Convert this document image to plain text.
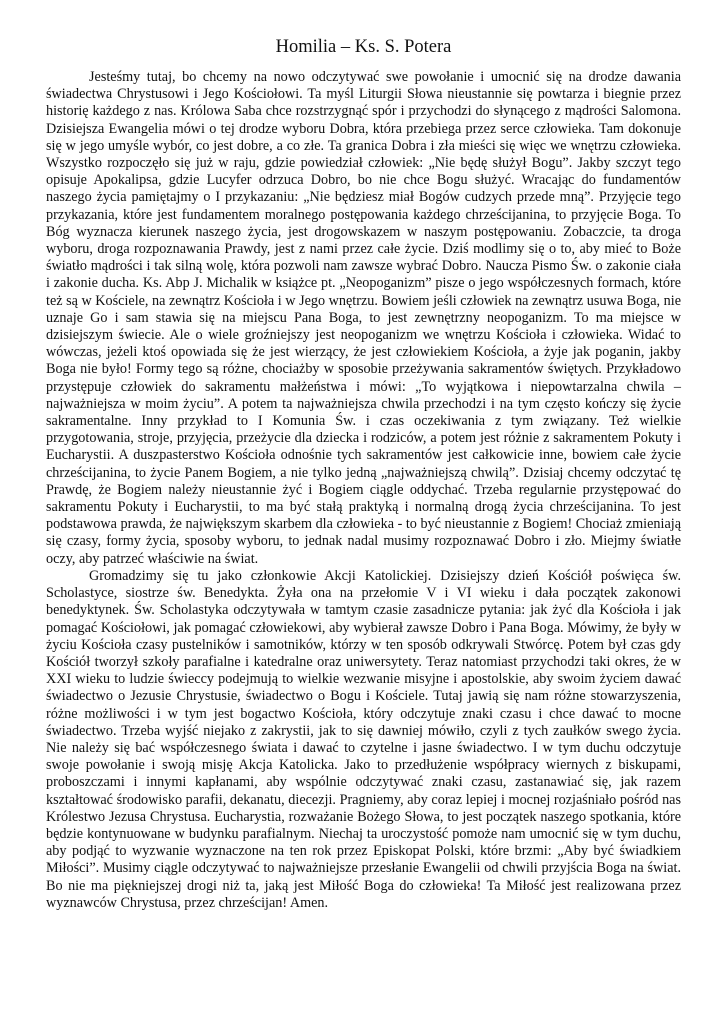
Homilia – Ks. S. Potera

Jesteśmy tutaj, bo chcemy na nowo odczytywać swe powołanie i umocnić się na drodze dawania świadectwa Chrystusowi i Jego Kościołowi. Ta myśl Liturgii Słowa nieustannie się powtarza i biegnie przez historię każdego z nas. Królowa Saba chce rozstrzygnąć spór i przychodzi do słynącego z mądrości Salomona. Dzisiejsza Ewangelia mówi o tej drodze wyboru Dobra, która przebiega przez serce człowieka. Tam dokonuje się w jego umyśle wybór, co jest dobre, a co złe. Ta granica Dobra i zła mieści się więc we wnętrzu człowieka. Wszystko rozpoczęło się już w raju, gdzie powiedział człowiek: „Nie będę służył Bogu”. Jakby szczyt tego opisuje Apokalipsa, gdzie Lucyfer odrzuca Dobro, bo nie chce Bogu służyć. Wracając do fundamentów naszego życia pamiętajmy o I przykazaniu: „Nie będziesz miał Bogów cudzych przede mną”. Przyjęcie tego przykazania, które jest fundamentem moralnego postępowania każdego chrześcijanina, to przyjęcie Boga. To Bóg wyznacza kierunek naszego życia, jest drogowskazem w naszym postępowaniu. Zobaczcie, ta droga wyboru, droga rozpoznawania Prawdy, jest z nami przez całe życie. Dziś modlimy się o to, aby mieć to Boże światło mądrości i tak silną wolę, która pozwoli nam zawsze wybrać Dobro. Naucza Pismo Św. o zakonie ciała i zakonie ducha. Ks. Abp J. Michalik w książce pt. „Neopoganizm” pisze o jego współczesnych formach, które też są w Kościele, na zewnątrz Kościoła i w Jego wnętrzu. Bowiem jeśli człowiek na zewnątrz usuwa Boga, nie uznaje Go i sam stawia się na miejscu Pana Boga, to jest zewnętrzny neopoganizm. To ma miejsce w dzisiejszym świecie. Ale o wiele groźniejszy jest neopoganizm we wnętrzu Kościoła i człowieka. Widać to wówczas, jeżeli ktoś opowiada się że jest wierzący, że jest człowiekiem Kościoła, a żyje jak poganin, jakby Boga nie było! Formy tego są różne, chociażby w sposobie przeżywania sakramentów świętych. Przykładowo przystępuje człowiek do sakramentu małżeństwa i mówi: „To wyjątkowa i niepowtarzalna chwila – najważniejsza w moim życiu”. A potem ta najważniejsza chwila przechodzi i na tym często kończy się życie sakramentalne. Inny przykład to I Komunia Św. i czas oczekiwania z tym związany. Też wielkie przygotowania, stroje, przyjęcia, przeżycie dla dziecka i rodziców, a potem jest różnie z sakramentem Pokuty i Eucharystii. A duszpasterstwo Kościoła odnośnie tych sakramentów jest całkowicie inne, bowiem całe życie chrześcijanina, to życie Panem Bogiem, a nie tylko jedną „najważniejszą chwilą”. Dzisiaj chcemy odczytać tę Prawdę, że Bogiem należy nieustannie żyć i Bogiem ciągle oddychać. Trzeba regularnie przystępować do sakramentu Pokuty i Eucharystii, to ma być stałą praktyką i normalną drogą życia chrześcijanina. To jest podstawowa prawda, że największym skarbem dla człowieka - to być nieustannie z Bogiem! Chociaż zmieniają się czasy, formy życia, sposoby wyboru, to jednak nadal musimy rozpoznawać Dobro i zło. Miejmy światłe oczy, aby patrzeć właściwie na świat.

Gromadzimy się tu jako członkowie Akcji Katolickiej. Dzisiejszy dzień Kościół poświęca św. Scholastyce, siostrze św. Benedykta. Żyła ona na przełomie V i VI wieku i dała początek zakonowi benedyktynek. Św. Scholastyka odczytywała w tamtym czasie zasadnicze pytania: jak żyć dla Kościoła i jak pomagać Kościołowi, jak pomagać człowiekowi, aby wybierał zawsze Dobro i Pana Boga. Mówimy, że były w życiu Kościoła czasy pustelników i samotników, którzy w ten sposób odkrywali Stwórcę. Potem był czas gdy Kościół tworzył szkoły parafialne i katedralne oraz uniwersytety. Teraz natomiast przychodzi taki okres, że w XXI wieku to ludzie świeccy podejmują to wielkie wezwanie misyjne i apostolskie, aby swoim życiem dawać świadectwo o Jezusie Chrystusie, świadectwo o Bogu i Kościele. Tutaj jawią się nam różne stowarzyszenia, różne możliwości i w tym jest bogactwo Kościoła, który odczytuje znaki czasu i chce dawać to mocne świadectwo. Trzeba wyjść niejako z zakrystii, jak to się dawniej mówiło, czyli z tych zaułków swego życia. Nie należy się bać współczesnego świata i dawać to czytelne i jasne świadectwo. I w tym duchu odczytuje swoje powołanie i swoją misję Akcja Katolicka. Jako to przedłużenie współpracy wiernych z biskupami, proboszczami i innymi kapłanami, aby wspólnie odczytywać znaki czasu, zastanawiać się, jak razem kształtować środowisko parafii, dekanatu, diecezji. Pragniemy, aby coraz lepiej i mocnej rozjaśniało pośród nas Królestwo Jezusa Chrystusa. Eucharystia, rozważanie Bożego Słowa, to jest początek naszego spotkania, które będzie kontynuowane w budynku parafialnym. Niechaj ta uroczystość pomoże nam umocnić się w tym duchu, aby podjąć to wyzwanie wyznaczone na ten rok przez Episkopat Polski, które brzmi: „Aby być świadkiem Miłości”. Musimy ciągle odczytywać to najważniejsze przesłanie Ewangelii od chwili przyjścia Boga na świat. Bo nie ma piękniejszej drogi niż ta, jaką jest Miłość Boga do człowieka! Ta Miłość jest realizowana przez wyznawców Chrystusa, przez chrześcijan! Amen.
